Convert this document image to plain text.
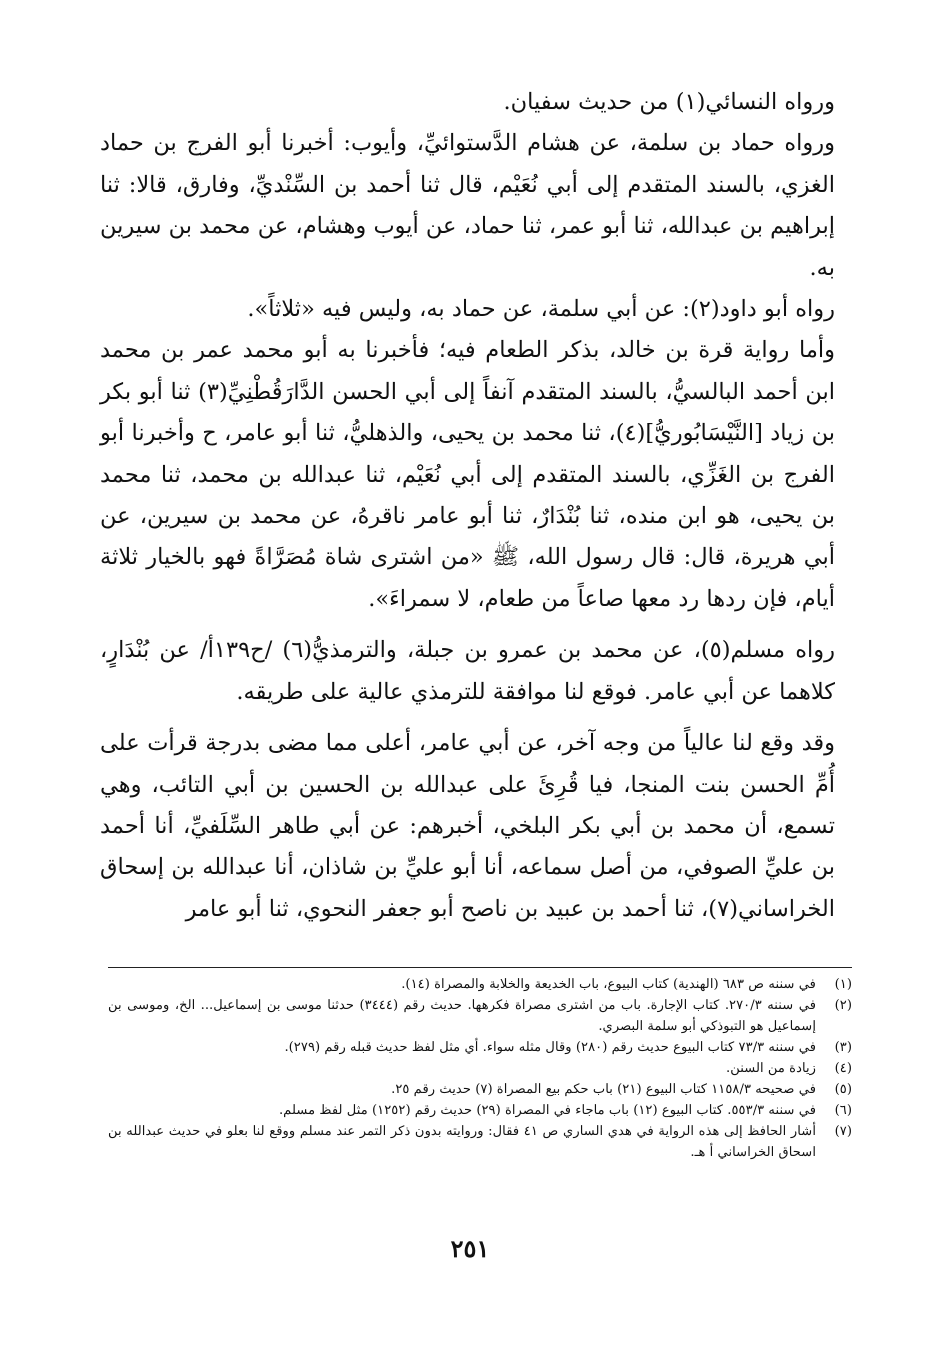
ورواه النسائي(١) من حديث سفيان.

ورواه حماد بن سلمة، عن هشام الدَّستوائيِّ، وأيوب: أخبرنا أبو الفرج بن حماد الغزي، بالسند المتقدم إلى أبي نُعَيْم، قال ثنا أحمد بن السِّنْديِّ، وفارق، قالا: ثنا إبراهيم بن عبدالله، ثنا أبو عمر، ثنا حماد، عن أيوب وهشام، عن محمد بن سيرين به.

رواه أبو داود(٢): عن أبي سلمة، عن حماد به، وليس فيه «ثلاثاً».

وأما رواية قرة بن خالد، بذكر الطعام فيه؛ فأخبرنا به أبو محمد عمر بن محمد ابن أحمد البالسيُّ، بالسند المتقدم آنفاً إلى أبي الحسن الدَّارَقُطْنِيِّ(٣) ثنا أبو بكر بن زياد [النَّيْسَابُوريُّ](٤)، ثنا محمد بن يحيى، والذهليُّ، ثنا أبو عامر، ح وأخبرنا أبو الفرج بن الغَزِّي، بالسند المتقدم إلى أبي نُعَيْم، ثنا عبدالله بن محمد، ثنا محمد بن يحيى، هو ابن منده، ثنا بُنْدَارٌ، ثنا أبو عامر ناقرهُ، عن محمد بن سيرين، عن أبي هريرة، قال: قال رسول الله، ﷺ «من اشترى شاة مُصَرَّاةً فهو بالخيار ثلاثة أيام، فإن ردها رد معها صاعاً من طعام، لا سمراءَ».

رواه مسلم(٥)، عن محمد بن عمرو بن جبلة، والترمذيُّ(٦) /ح١٣٩أ/ عن بُنْدَارٍ، كلاهما عن أبي عامر. فوقع لنا موافقة للترمذي عالية على طريقه.

وقد وقع لنا عالياً من وجه آخر، عن أبي عامر، أعلى مما مضى بدرجة قرأت على أُمِّ الحسن بنت المنجا، فيا قُرِئَ على عبدالله بن الحسين بن أبي التائب، وهي تسمع، أن محمد بن أبي بكر البلخي، أخبرهم: عن أبي طاهر السِّلَفيِّ، أنا أحمد بن عليِّ الصوفي، من أصل سماعه، أنا أبو عليِّ بن شاذان، أنا عبدالله بن إسحاق الخراساني(٧)، ثنا أحمد بن عبيد بن ناصح أبو جعفر النحوي، ثنا أبو عامر

(١)
في سننه ص ٦٨٣ (الهندية) كتاب البيوع، باب الخديعة والخلابة والمصراة (١٤).
(٢)
في سننه ٢٧٠/٣. كتاب الإجارة. باب من اشترى مصراة فكرهها. حديث رقم (٣٤٤٤) حدثنا موسى بن إسماعيل... الخ، وموسى بن إسماعيل هو التبوذكي أبو سلمة البصري.
(٣)
في سننه ٧٣/٣ كتاب البيوع حديث رقم (٢٨٠) وقال مثله سواء. أي مثل لفظ حديث قبله رقم (٢٧٩).
(٤)
زيادة من السنن.
(٥)
في صحيحه ١١٥٨/٣ كتاب البيوع (٢١) باب حكم بيع المصراة (٧) حديث رقم ٢٥.
(٦)
في سننه ٥٥٣/٣. كتاب البيوع (١٢) باب ماجاء في المصراة (٢٩) حديث رقم (١٢٥٢) مثل لفظ مسلم.
(٧)
أشار الحافظ إلى هذه الرواية في هدي الساري ص ٤١ فقال: وروايته بدون ذكر التمر عند مسلم ووقع لنا بعلو في حديث عبدالله بن اسحاق الخراساني أ هـ.
٢٥١
